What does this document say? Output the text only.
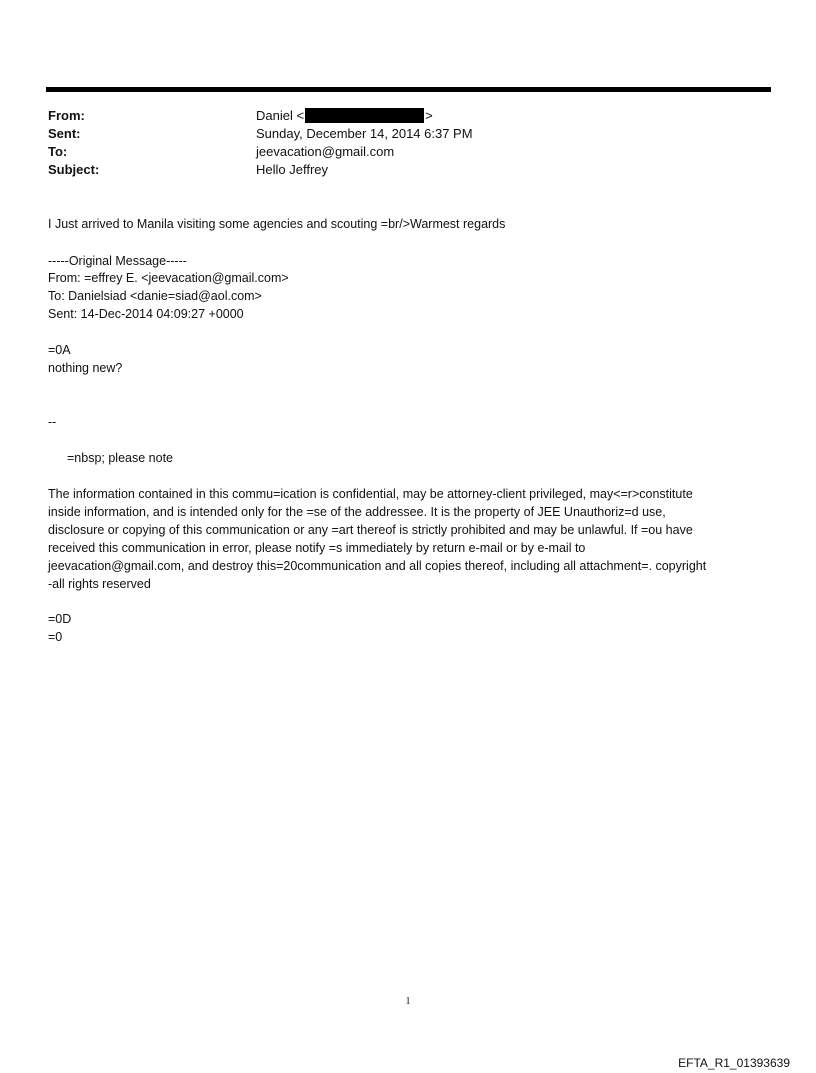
From:	Daniel <	>
Sent:	Sunday, December 14, 2014 6:37 PM
To:	jeevacation@gmail.com
Subject:	Hello Jeffrey
I Just arrived to Manila visiting some agencies and scouting =br/>Warmest regards
-----Original Message-----
From: =effrey E. <jeevacation@gmail.com>
To: Danielsiad <danie=siad@aol.com>
Sent: 14-Dec-2014 04:09:27 +0000
=0A
nothing new?
--
=nbsp; please note
The information contained in this commu=ication is confidential, may be attorney-client privileged, may<=r>constitute
inside information, and is intended only for the =se of the addressee. It is the property of JEE Unauthoriz=d use,
disclosure or copying of this communication or any =art thereof is strictly prohibited and may be unlawful. If =ou have
received this communication in error, please notify =s immediately by return e-mail or by e-mail to
jeevacation@gmail.com, and destroy this=20communication and all copies thereof, including all attachment=. copyright
-all rights reserved
=0D
=0
1
EFTA_R1_01393639
